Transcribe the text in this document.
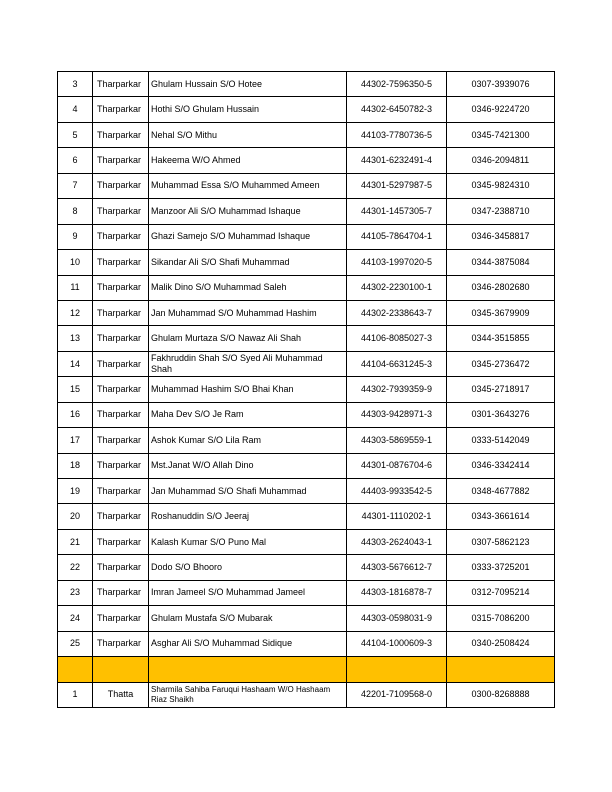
3	Tharparkar	Ghulam Hussain S/O Hotee	44302-7596350-5	0307-3939076
4	Tharparkar	Hothi S/O Ghulam Hussain	44302-6450782-3	0346-9224720
5	Tharparkar	Nehal S/O Mithu	44103-7780736-5	0345-7421300
6	Tharparkar	Hakeema W/O Ahmed	44301-6232491-4	0346-2094811
7	Tharparkar	Muhammad Essa S/O Muhammed Ameen	44301-5297987-5	0345-9824310
8	Tharparkar	Manzoor Ali S/O Muhammad Ishaque	44301-1457305-7	0347-2388710
9	Tharparkar	Ghazi Samejo S/O Muhammad Ishaque	44105-7864704-1	0346-3458817
10	Tharparkar	Sikandar Ali S/O Shafi Muhammad	44103-1997020-5	0344-3875084
11	Tharparkar	Malik Dino S/O Muhammad Saleh	44302-2230100-1	0346-2802680
12	Tharparkar	Jan Muhammad S/O Muhammad Hashim	44302-2338643-7	0345-3679909
13	Tharparkar	Ghulam Murtaza S/O Nawaz Ali Shah	44106-8085027-3	0344-3515855
14	Tharparkar	Fakhruddin Shah S/O Syed Ali Muhammad Shah	44104-6631245-3	0345-2736472
15	Tharparkar	Muhammad Hashim S/O Bhai Khan	44302-7939359-9	0345-2718917
16	Tharparkar	Maha Dev S/O Je Ram	44303-9428971-3	0301-3643276
17	Tharparkar	Ashok Kumar S/O Lila Ram	44303-5869559-1	0333-5142049
18	Tharparkar	Mst.Janat W/O Allah Dino	44301-0876704-6	0346-3342414
19	Tharparkar	Jan Muhammad S/O Shafi Muhammad	44403-9933542-5	0348-4677882
20	Tharparkar	Roshanuddin S/O Jeeraj	44301-1110202-1	0343-3661614
21	Tharparkar	Kalash Kumar S/O Puno Mal	44303-2624043-1	0307-5862123
22	Tharparkar	Dodo S/O Bhooro	44303-5676612-7	0333-3725201
23	Tharparkar	Imran Jameel S/O Muhammad Jameel	44303-1816878-7	0312-7095214
24	Tharparkar	Ghulam Mustafa S/O Mubarak	44303-0598031-9	0315-7086200
25	Tharparkar	Asghar Ali S/O Muhammad Sidique	44104-1000609-3	0340-2508424

1	Thatta	Sharmila Sahiba Faruqui Hashaam W/O Hashaam Riaz Shaikh	42201-7109568-0	0300-8268888
